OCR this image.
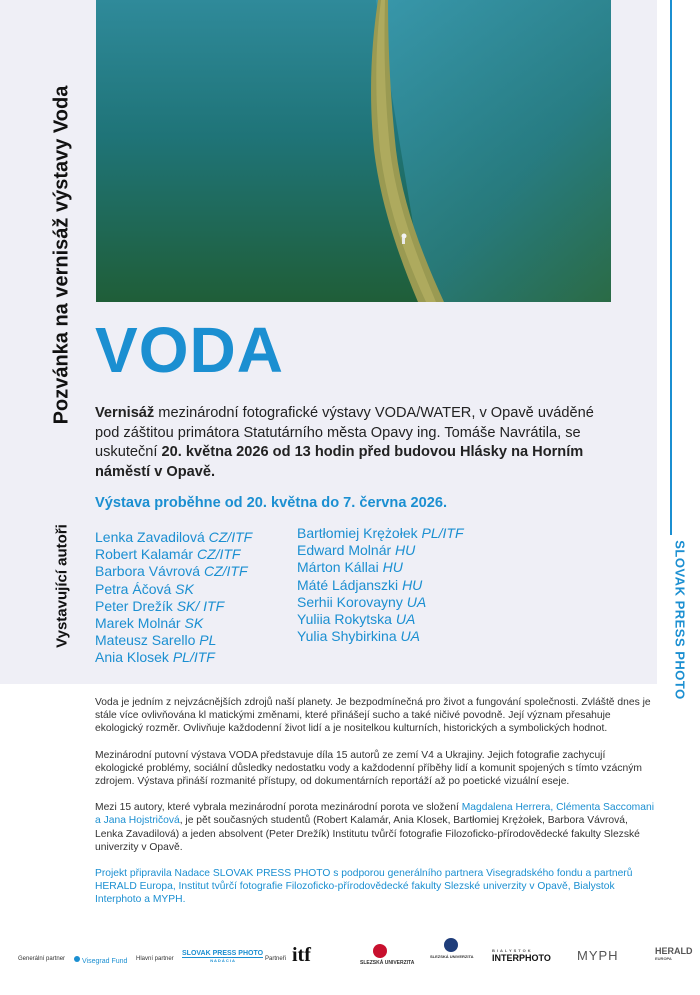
Pozvánka na vernisáž výstavy Voda
Vystavující autoři
VODA
Vernisáž mezinárodní fotografické výstavy VODA/WATER, v Opavě uváděné pod záštitou primátora Statutárního města Opavy ing. Tomáše Navrátila, se uskuteční 20. května 2026 od 13 hodin před budovou Hlásky na Horním náměstí v Opavě.
Výstava proběhne od 20. května do 7. června 2026.
Lenka Zavadilová CZ/ITF
Robert Kalamár CZ/ITF
Barbora Vávrová CZ/ITF
Petra Áčová SK
Peter Drežík SK/ ITF
Marek Molnár SK
Mateusz Sarello PL
Ania Klosek PL/ITF
Bartłomiej Krężołek PL/ITF
Edward Molnár HU
Márton Kállai HU
Máté Ládjanszki HU
Serhii Korovayny UA
Yuliia Rokytska UA
Yulia Shybirkina UA	SLOVAK PRESS PHOTO

Voda je jedním z nejvzácnějších zdrojů naší planety. Je bezpodmínečná pro život a fungování společnosti. Zvláště dnes je stále více ovlivňována kl matickými změnami, které přinášejí sucho a také ničivé povodně. Její význam přesahuje ekologický rozměr. Ovlivňuje každodenní život lidí a je nositelkou kulturních, historických a symbolických hodnot.

Mezinárodní putovní výstava VODA představuje díla 15 autorů ze zemí V4 a Ukrajiny. Jejich fotografie zachycují ekologické problémy, sociální důsledky nedostatku vody a každodenní příběhy lidí a komunit spojených s tímto vzácným zdrojem. Výstava přináší rozmanité přístupy, od dokumentárních reportáží až po poetické vizuální eseje.

Mezi 15 autory, které vybrala mezinárodní porota mezinárodní porota ve složení Magdalena Herrera, Clémenta Saccomani a Jana Hojstričová, je pět současných studentů (Robert Kalamár, Ania Klosek, Bartłomiej Krężołek, Barbora Vávrová, Lenka Zavadilová) a jeden absolvent (Peter Drežík) Institutu tvůrčí fotografie Filozoficko-přírodovědecké fakulty Slezské univerzity v Opavě.

Projekt připravila Nadace SLOVAK PRESS PHOTO s podporou generálního partnera Visegradského fondu a partnerů HERALD Europa, Institut tvůrčí fotografie Filozoficko-přírodovědecké fakulty Slezské univerzity v Opavě, Bialystok Interphoto a MYPH.

Generální partner	Visegrad Fund Hlavní partner
SLOVAK PRESS PHOTO
N A D Á C I A	Partneři itf	SLEZSKÁ UNIVERZITA
SLEZSKÁ UNIVERZITA
BIALYSTOK
INTERPHOTO MYPH	HERALD
EUROPA
